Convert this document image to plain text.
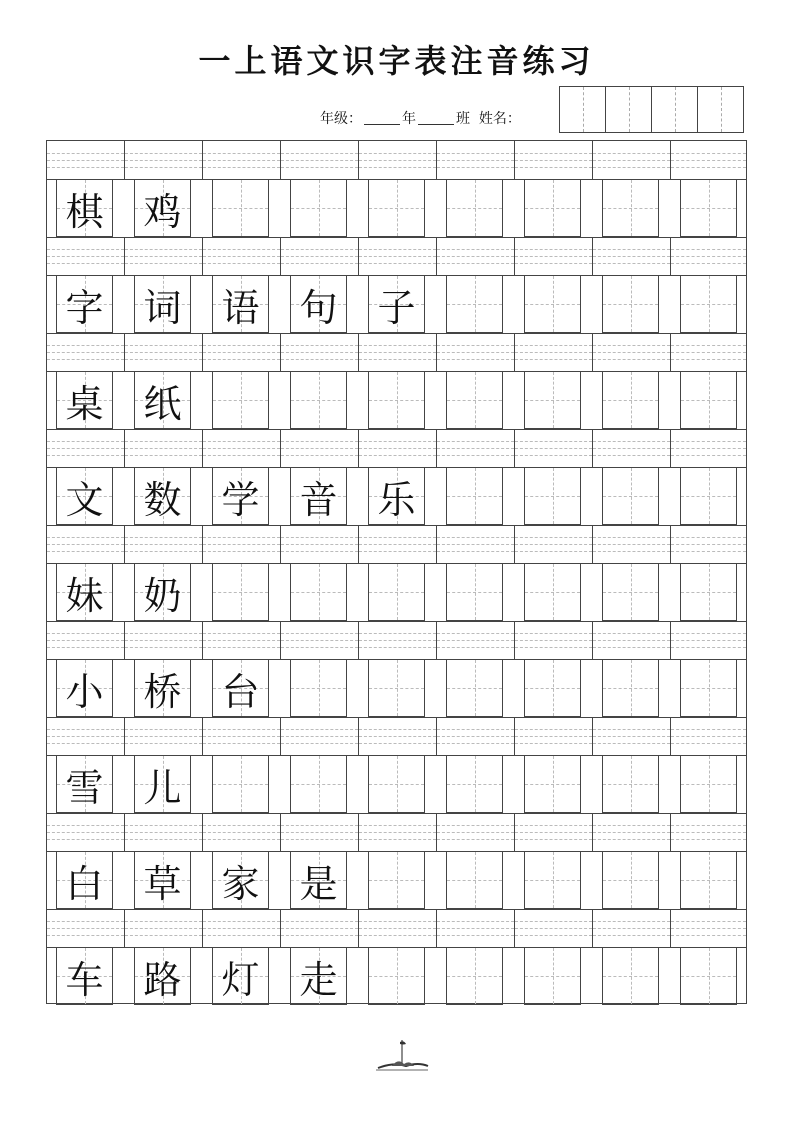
一上语文识字表注音练习
年级：	年	班 姓名：
棋 鸡
字 词 语 句 子
桌 纸
文 数 学 音 乐
妹 奶
小 桥 台
雪 儿
白 草 家 是
车 路 灯 走
